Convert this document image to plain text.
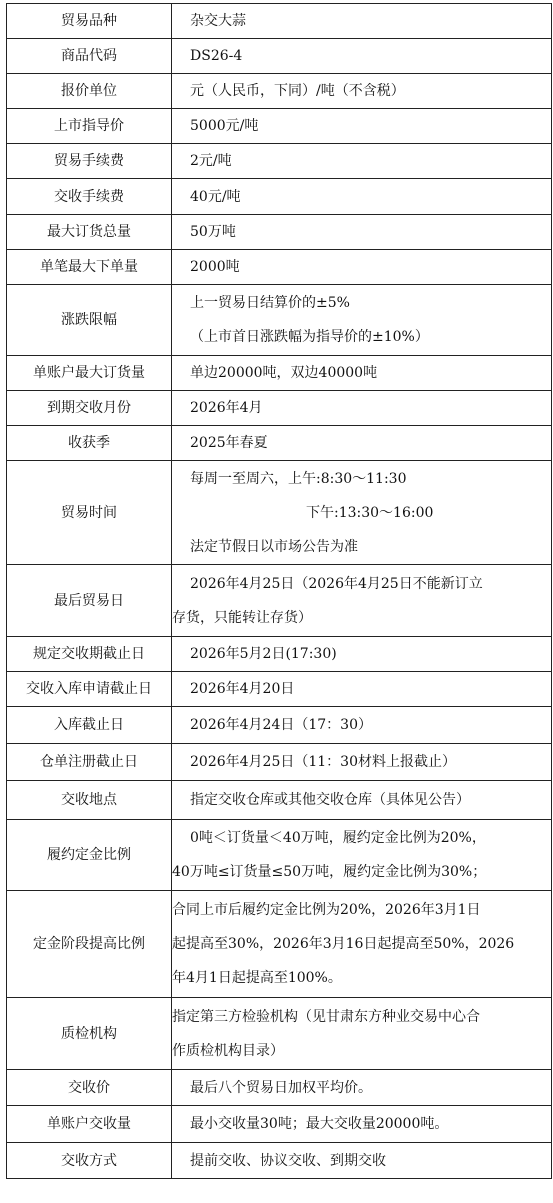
贸易品种	杂交大蒜

商品代码	DS26-4

报价单位	元（人民币，下同）/吨（不含税）

上市指导价	5000元/吨

贸易手续费	2元/吨

交收手续费	40元/吨

最大订货总量	50万吨

单笔最大下单量	2000吨

涨跌限幅	上一贸易日结算价的±5%
（上市首日涨跌幅为指导价的±10%）

单账户最大订货量	单边20000吨，双边40000吨

到期交收月份	2026年4月

收获季	2025年春夏

贸易时间	每周一至周六，上午:8:30～11:30
下午:13:30～16:00
法定节假日以市场公告为准

最后贸易日	2026年4月25日（2026年4月25日不能新订立
存货，只能转让存货）

规定交收期截止日	2026年5月2日(17:30)

交收入库申请截止日	2026年4月20日

入库截止日	2026年4月24日（17：30）

仓单注册截止日	2026年4月25日（11：30材料上报截止）

交收地点	指定交收仓库或其他交收仓库（具体见公告）

履约定金比例	0吨＜订货量＜40万吨，履约定金比例为20%，
40万吨≤订货量≤50万吨，履约定金比例为30%；

定金阶段提高比例	合同上市后履约定金比例为20%，2026年3月1日
起提高至30%，2026年3月16日起提高至50%，2026
年4月1日起提高至100%。

质检机构	指定第三方检验机构（见甘肃东方种业交易中心合
作质检机构目录）

交收价	最后八个贸易日加权平均价。

单账户交收量	最小交收量30吨；最大交收量20000吨。

交收方式	提前交收、协议交收、到期交收
